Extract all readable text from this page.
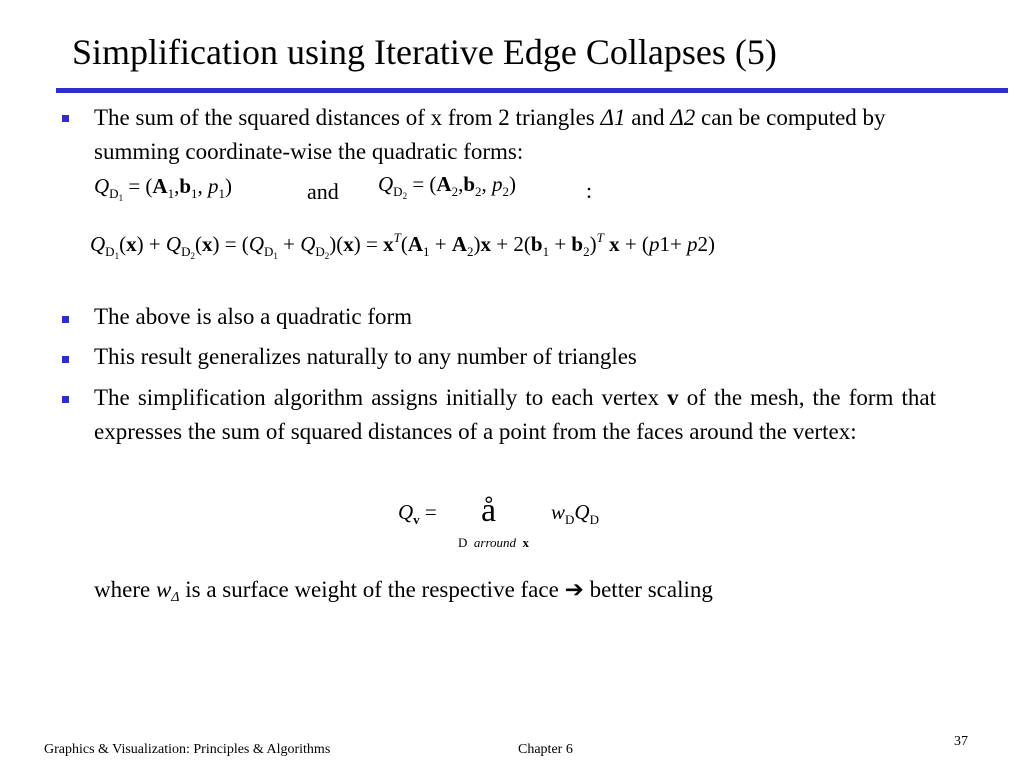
Simplification using Iterative Edge Collapses (5)
The sum of the squared distances of x from 2 triangles Δ1 and Δ2 can be computed by summing coordinate-wise the quadratic forms:
$Q_{D_1} = (A_1,b_1$, $p_1$)	and $Q_{D_2} = (A_2,b_2$, $p_2$)	:
$Q_{D_1}(x) + Q_{D_2}(x) = (Q_{D_1} + Q_{D_2})(x) = x^T(A_1 + A_2)x + 2(b_1 + b_2)^T$ x + (p1+ p2)
The above is also a quadratic form
This result generalizes naturally to any number of triangles
The simplification algorithm assigns initially to each vertex v of the mesh, the form that expresses the sum of squared distances of a point from the faces around the vertex:
$Q_v$ = å	$w_DQ_D$
D arround x
where wΔ is a surface weight of the respective face ➔ better scaling
Graphics & Visualization: Principles & Algorithms	Chapter 6
37
